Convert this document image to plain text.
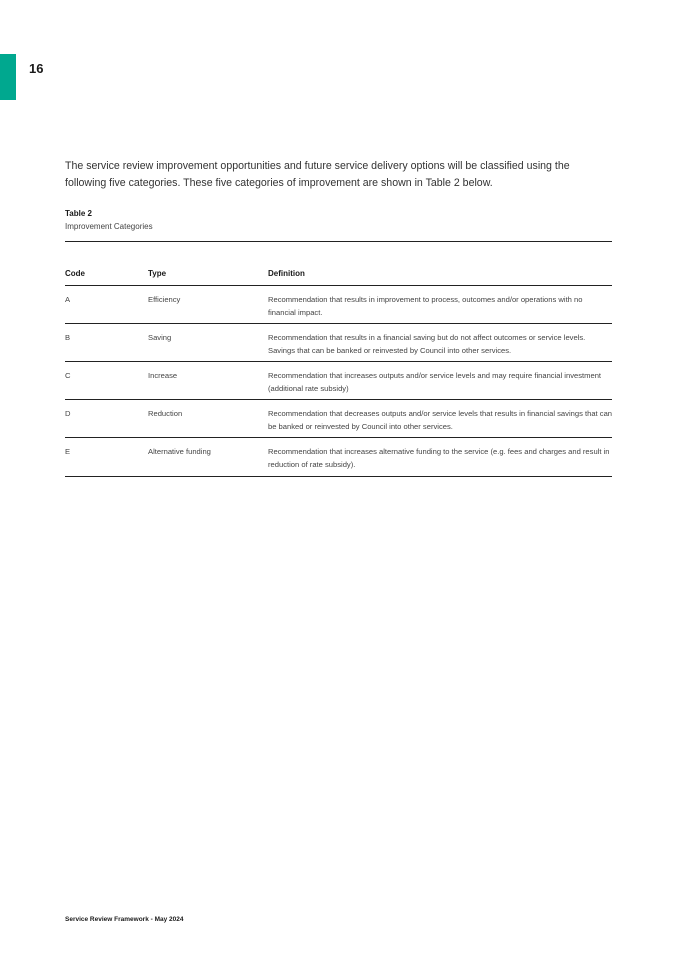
16

The service review improvement opportunities and future service delivery options will be classified using the following five categories. These five categories of improvement are shown in Table 2 below.

Table 2
Improvement Categories
Code	Type	Definition
A	Efficiency	Recommendation that results in improvement to process, outcomes and/or operations with no financial impact.
B	Saving	Recommendation that results in a financial saving but do not affect outcomes or service levels. Savings that can be banked or reinvested by Council into other services.
C	Increase	Recommendation that increases outputs and/or service levels and may require financial investment (additional rate subsidy)
D	Reduction	Recommendation that decreases outputs and/or service levels that results in financial savings that can be banked or reinvested by Council into other services.
E	Alternative funding	Recommendation that increases alternative funding to the service (e.g. fees and charges and result in reduction of rate subsidy).
Service Review Framework - May 2024
